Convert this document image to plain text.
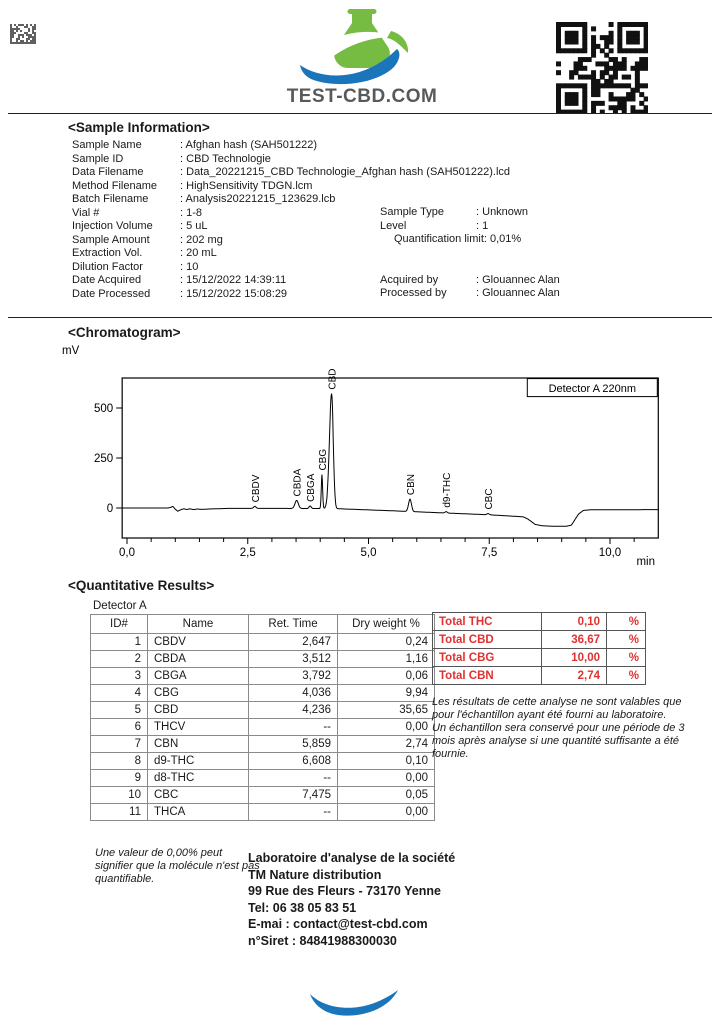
TEST-CBD.COM
<Sample Information>
Sample Name	: Afghan hash (SAH501222)
Sample ID	: CBD Technologie
Data Filename	: Data_20221215_CBD Technologie_Afghan hash (SAH501222).lcd
Method Filename : HighSensitivity TDGN.lcm
Batch Filename	: Analysis20221215_123629.lcb
Vial #	: 1-8
Injection Volume : 5 uL
Sample Amount	: 202 mg
Extraction Vol.	: 20 mL
Dilution Factor	: 10
Date Acquired	: 15/12/2022 14:39:11
Date Processed	: 15/12/2022 15:08:29
Sample Type	: Unknown
Level	: 1
Quantification limit: 0,01%
Acquired by	: Glouannec Alan
Processed by	: Glouannec Alan
<Chromatogram>
0
250
500
0,0	2,5	5,0	7,5	10,0
mV
min
Detector A 220nm
CBDV	CBDA CBGA
CBG
CBD
CBN	d9-THC	CBC
<Quantitative Results>
Detector A
ID#	Name	Ret. Time	Dry weight %
1	CBDV	2,647	0,24
2	CBDA	3,512	1,16
3	CBGA	3,792	0,06
4	CBG	4,036	9,94
5	CBD	4,236	35,65
6	THCV	--	0,00
7	CBN	5,859	2,74
8	d9-THC	6,608	0,10
9	d8-THC	--	0,00
10	CBC	7,475	0,05
11	THCA	--	0,00
Total THC	0,10	%
Total CBD	36,67	%
Total CBG	10,00	%
Total CBN	2,74	%

Les résultats de cette analyse ne sont valables que pour l'échantillon ayant été fourni au laboratoire.

Un échantillon sera conservé pour une période de 3 mois après analyse si une quantité suffisante a été fournie.

Une valeur de 0,00% peut signifier que la molécule n'est pas quantifiable.
Laboratoire d'analyse de la société
TM Nature distribution
99 Rue des Fleurs - 73170 Yenne
Tel: 06 38 05 83 51
E-mai : contact@test-cbd.com
n°Siret : 84841988300030
